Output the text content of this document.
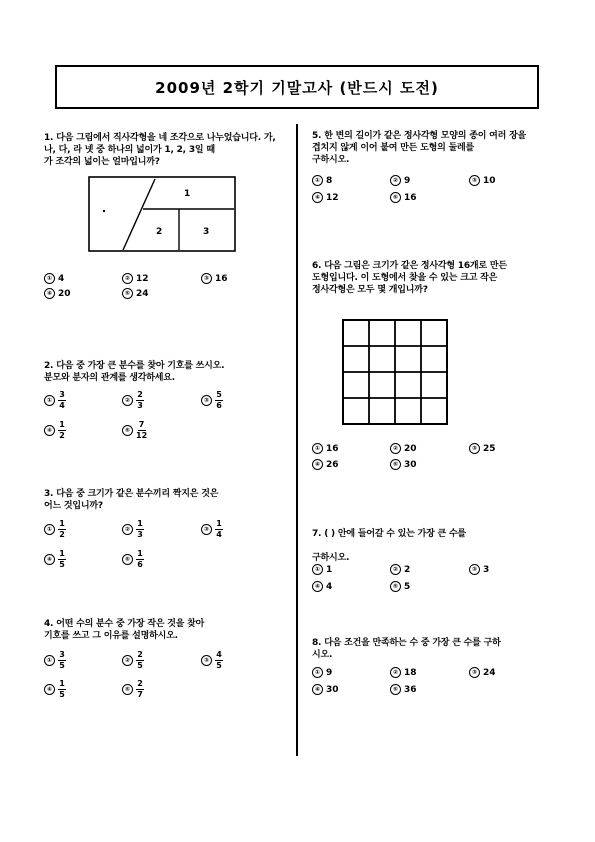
2009년 2학기 기말고사 (반드시 도전)
1. 다음 그림에서 직사각형을 네 조각으로 나누었습니다. 가, 나, 다, 라 넷 중 하나의 넓이가 1, 2, 3일 때
가 조각의 넓이는 얼마입니까?
1
2	3
① 4	② 12	③ 16
④ 20	⑤ 24
2. 다음 중 가장 큰 분수를 찾아 기호를 쓰시오.
분모와 분자의 관계를 생각하세요.
① $\frac{3}{4}$	② $\frac{2}{3}$	③ $\frac{5}{6}$
④ $\frac{1}{2}$	⑤ $\frac{7}{12}$
3. 다음 중 크기가 같은 분수끼리 짝지은 것은
어느 것입니까?
① $\frac{1}{2}$	② $\frac{1}{3}$	③ $\frac{1}{4}$
④ $\frac{1}{5}$	⑤ $\frac{1}{6}$
4. 어떤 수의 분수 중 가장 작은 것을 찾아
기호를 쓰고 그 이유를 설명하시오.
① $\frac{3}{5}$	② $\frac{2}{5}$	③ $\frac{4}{5}$
④ $\frac{1}{5}$	⑤ $\frac{2}{7}$
5. 한 변의 길이가 같은 정사각형 모양의 종이 여러 장을
겹치지 않게 이어 붙여 만든 도형의 둘레를
구하시오.
① 8	② 9	③ 10
④ 12	⑤ 16
6. 다음 그림은 크기가 같은 정사각형 16개로 만든
도형입니다. 이 도형에서 찾을 수 있는 크고 작은
정사각형은 모두 몇 개입니까?
① 16	② 20	③ 25
④ 26	⑤ 30
7. ( ) 안에 들어갈 수 있는 가장 큰 수를
구하시오.
① 1	② 2	③ 3
④ 4	⑤ 5
8. 다음 조건을 만족하는 수 중 가장 큰 수를 구하
시오.
① 9	② 18	③ 24
④ 30	⑤ 36
